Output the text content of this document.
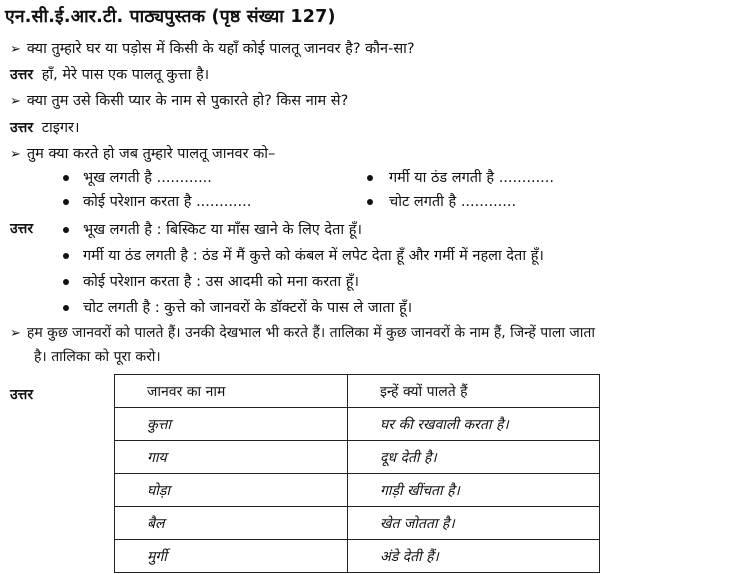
एन.सी.ई.आर.टी. पाठ्यपुस्तक (पृष्ठ संख्या 127)
➢ क्या तुम्हारे घर या पड़ोस में किसी के यहाँ कोई पालतू जानवर है? कौन-सा?
उत्तर हाँ, मेरे पास एक पालतू कुत्ता है।
➢ क्या तुम उसे किसी प्यार के नाम से पुकारते हो? किस नाम से?
उत्तर टाइगर।
➢ तुम क्या करते हो जब तुम्हारे पालतू जानवर को–
भूख लगती है ............	गर्मी या ठंड लगती है ............
कोई परेशान करता है ............	चोट लगती है ............
उत्तर	भूख लगती है : बिस्किट या माँस खाने के लिए देता हूँ।
गर्मी या ठंड लगती है : ठंड में मैं कुत्ते को कंबल में लपेट देता हूँ और गर्मी में नहला देता हूँ।
कोई परेशान करता है : उस आदमी को मना करता हूँ।
चोट लगती है : कुत्ते को जानवरों के डॉक्टरों के पास ले जाता हूँ।
➢ हम कुछ जानवरों को पालते हैं। उनकी देखभाल भी करते हैं। तालिका में कुछ जानवरों के नाम हैं, जिन्हें पाला जाता
है। तालिका को पूरा करो।
उत्तर	जानवर का नाम	इन्हें क्यों पालते हैं
कुत्ता	घर की रखवाली करता है।
गाय	दूध देती है।
घोड़ा	गाड़ी खींचता है।
बैल	खेत जोतता है।
मुर्गी	अंडे देती हैं।
